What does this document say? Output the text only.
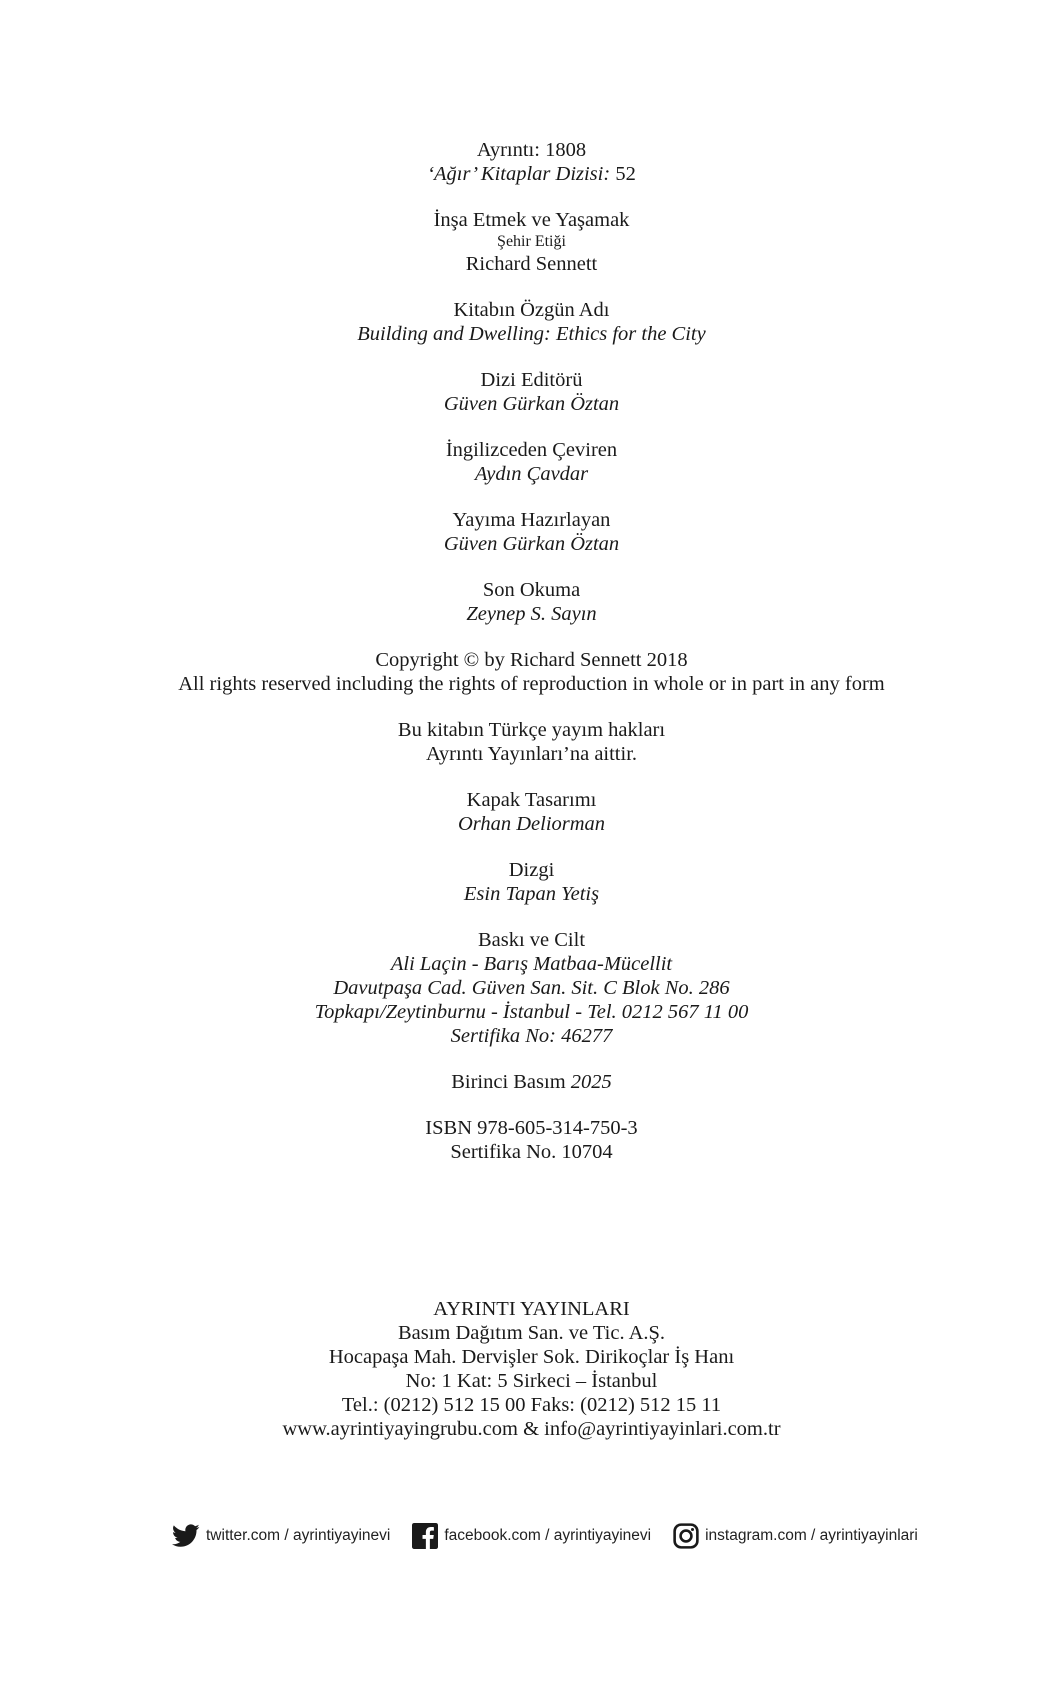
Ayrıntı: 1808
‘Ağır’ Kitaplar Dizisi: 52
İnşa Etmek ve Yaşamak
Şehir Etiği
Richard Sennett
Kitabın Özgün Adı
Building and Dwelling: Ethics for the City
Dizi Editörü
Güven Gürkan Öztan
İngilizceden Çeviren
Aydın Çavdar
Yayıma Hazırlayan
Güven Gürkan Öztan
Son Okuma
Zeynep S. Sayın
Copyright © by Richard Sennett 2018
All rights reserved including the rights of reproduction in whole or in part in any form
Bu kitabın Türkçe yayım hakları
Ayrıntı Yayınları’na aittir.
Kapak Tasarımı
Orhan Deliorman
Dizgi
Esin Tapan Yetiş
Baskı ve Cilt
Ali Laçin - Barış Matbaa-Mücellit
Davutpaşa Cad. Güven San. Sit. C Blok No. 286
Topkapı/Zeytinburnu - İstanbul - Tel. 0212 567 11 00
Sertifika No: 46277
Birinci Basım 2025
ISBN 978-605-314-750-3
Sertifika No. 10704
AYRINTI YAYINLARI
Basım Dağıtım San. ve Tic. A.Ş.
Hocapaşa Mah. Dervişler Sok. Dirikoçlar İş Hanı
No: 1 Kat: 5 Sirkeci – İstanbul
Tel.: (0212) 512 15 00 Faks: (0212) 512 15 11
www.ayrintiyayingrubu.com & info@ayrintiyayinlari.com.tr
twitter.com / ayrintiyayinevi	facebook.com / ayrintiyayinevi	instagram.com / ayrintiyayinlari
